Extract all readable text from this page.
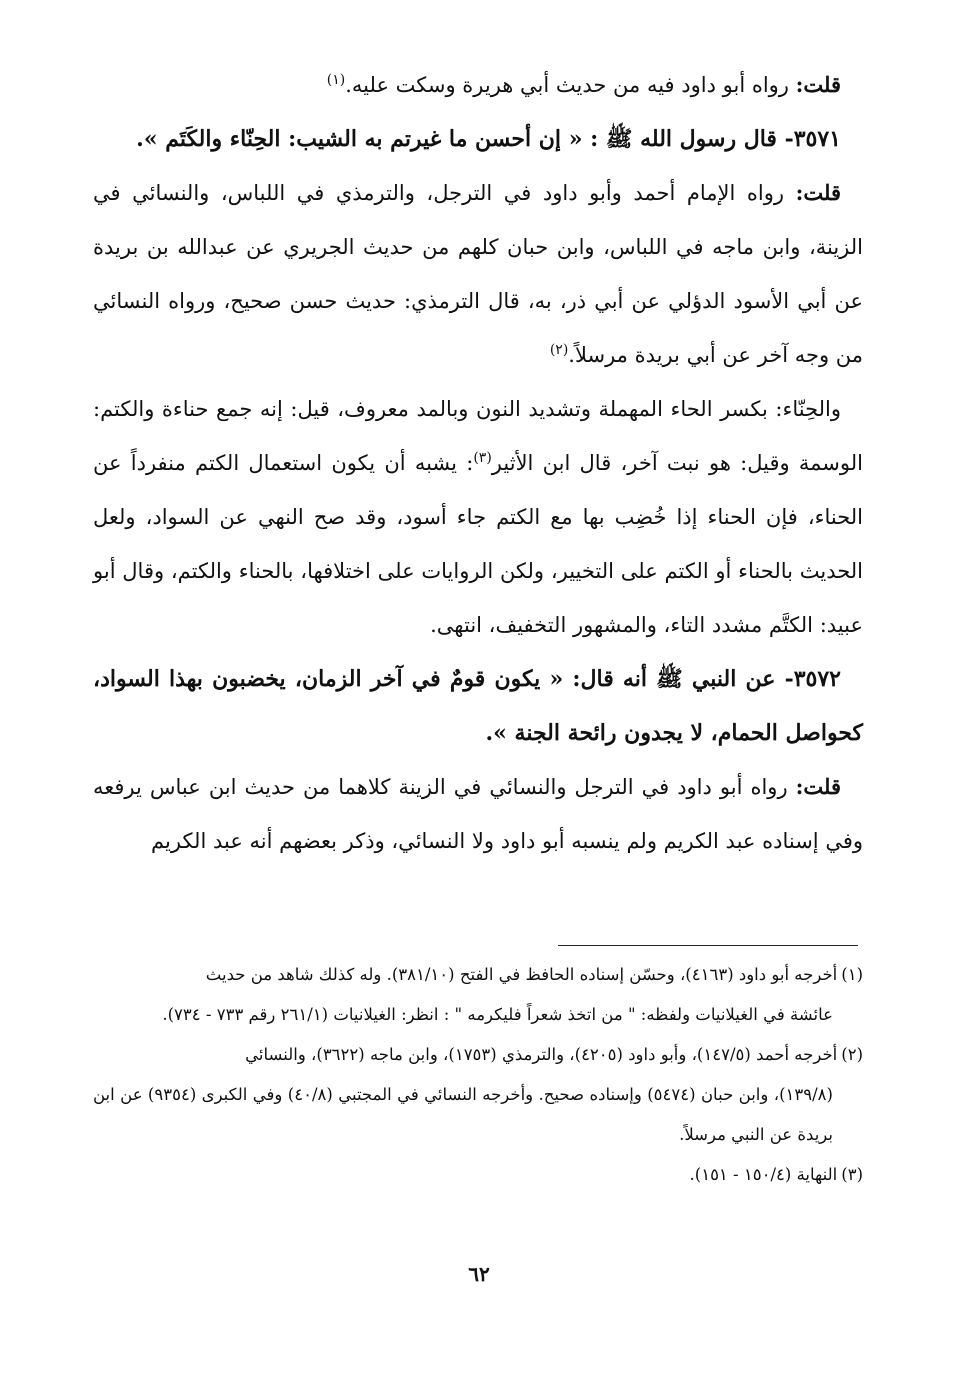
قلت: رواه أبو داود فيه من حديث أبي هريرة وسكت عليه.$^{(١)}$

٣٥٧١- قال رسول الله ﷺ : « إن أحسن ما غيرتم به الشيب: الحِنّاء والكَتَم ».

قلت: رواه الإمام أحمد وأبو داود في الترجل، والترمذي في اللباس، والنسائي في الزينة، وابن ماجه في اللباس، وابن حبان كلهم من حديث الجريري عن عبدالله بن بريدة عن أبي الأسود الدؤلي عن أبي ذر، به، قال الترمذي: حديث حسن صحيح، ورواه النسائي من وجه آخر عن أبي بريدة مرسلاً.$^{(٢)}$

والحِنّاء: بكسر الحاء المهملة وتشديد النون وبالمد معروف، قيل: إنه جمع حناءة والكتم: الوسمة وقيل: هو نبت آخر، قال ابن الأثير$^{(٣)}$: يشبه أن يكون استعمال الكتم منفرداً عن الحناء، فإن الحناء إذا خُضِب بها مع الكتم جاء أسود، وقد صح النهي عن السواد، ولعل الحديث بالحناء أو الكتم على التخيير، ولكن الروايات على اختلافها، بالحناء والكتم، وقال أبو عبيد: الكتَّم مشدد التاء، والمشهور التخفيف، انتهى.

٣٥٧٢- عن النبي ﷺ أنه قال: « يكون قومٌ في آخر الزمان، يخضبون بهذا السواد، كحواصل الحمام، لا يجدون رائحة الجنة ».

قلت: رواه أبو داود في الترجل والنسائي في الزينة كلاهما من حديث ابن عباس يرفعه وفي إسناده عبد الكريم ولم ينسبه أبو داود ولا النسائي، وذكر بعضهم أنه عبد الكريم

(١)أخرجه أبو داود (٤١٦٣)، وحسّن إسناده الحافظ في الفتح (٣٨١/١٠). وله كذلك شاهد من حديث
عائشة في الغيلانيات ولفظه: " من اتخذ شعراً فليكرمه " : انظر: الغيلانيات (٢٦١/١ رقم ٧٣٣ - ٧٣٤).

(٢)أخرجه أحمد (١٤٧/٥)، وأبو داود (٤٢٠٥)، والترمذي (١٧٥٣)، وابن ماجه (٣٦٢٢)، والنسائي
(١٣٩/٨)، وابن حبان (٥٤٧٤) وإسناده صحيح. وأخرجه النسائي في المجتبي (٤٠/٨) وفي الكبرى (٩٣٥٤) عن ابن بريدة عن النبي مرسلاً.

(٣)النهاية (١٥٠/٤ - ١٥١).

٦٢
